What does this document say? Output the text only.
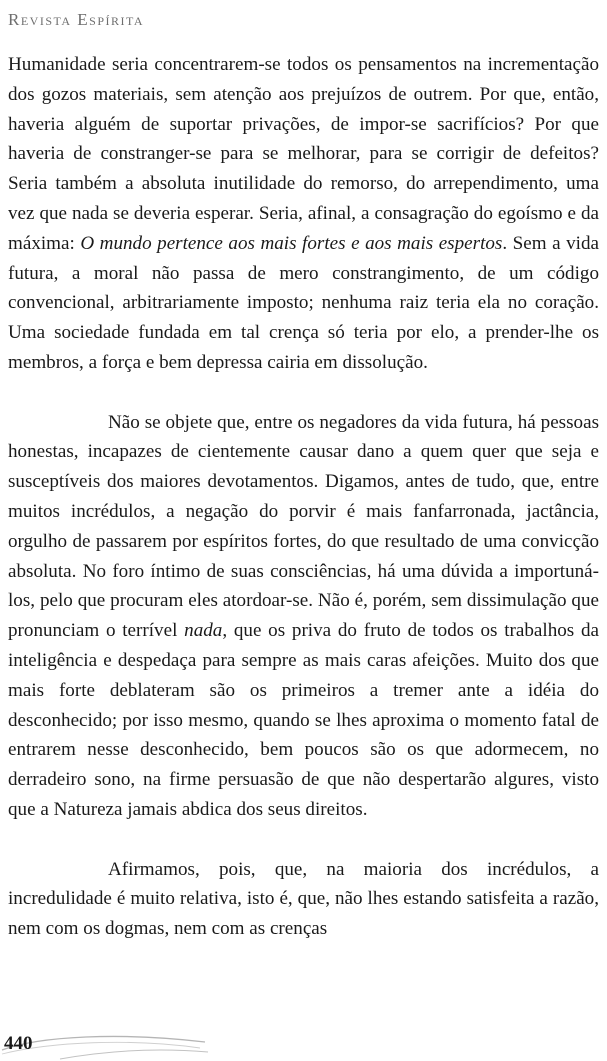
Revista Espírita

Humanidade seria concentrarem-se todos os pensamentos na incrementação dos gozos materiais, sem atenção aos prejuízos de outrem. Por que, então, haveria alguém de suportar privações, de impor-se sacrifícios? Por que haveria de constranger-se para se melhorar, para se corrigir de defeitos? Seria também a absoluta inutilidade do remorso, do arrependimento, uma vez que nada se deveria esperar. Seria, afinal, a consagração do egoísmo e da máxima: O mundo pertence aos mais fortes e aos mais espertos. Sem a vida futura, a moral não passa de mero constrangimento, de um código convencional, arbitrariamente imposto; nenhuma raiz teria ela no coração. Uma sociedade fundada em tal crença só teria por elo, a prender-lhe os membros, a força e bem depressa cairia em dissolução.

Não se objete que, entre os negadores da vida futura, há pessoas honestas, incapazes de cientemente causar dano a quem quer que seja e susceptíveis dos maiores devotamentos. Digamos, antes de tudo, que, entre muitos incrédulos, a negação do porvir é mais fanfarronada, jactância, orgulho de passarem por espíritos fortes, do que resultado de uma convicção absoluta. No foro íntimo de suas consciências, há uma dúvida a importuná-los, pelo que procuram eles atordoar-se. Não é, porém, sem dissimulação que pronunciam o terrível nada, que os priva do fruto de todos os trabalhos da inteligência e despedaça para sempre as mais caras afeições. Muito dos que mais forte deblateram são os primeiros a tremer ante a idéia do desconhecido; por isso mesmo, quando se lhes aproxima o momento fatal de entrarem nesse desconhecido, bem poucos são os que adormecem, no derradeiro sono, na firme persuasão de que não despertarão algures, visto que a Natureza jamais abdica dos seus direitos.

Afirmamos, pois, que, na maioria dos incrédulos, a incredulidade é muito relativa, isto é, que, não lhes estando satisfeita a razão, nem com os dogmas, nem com as crenças

440
